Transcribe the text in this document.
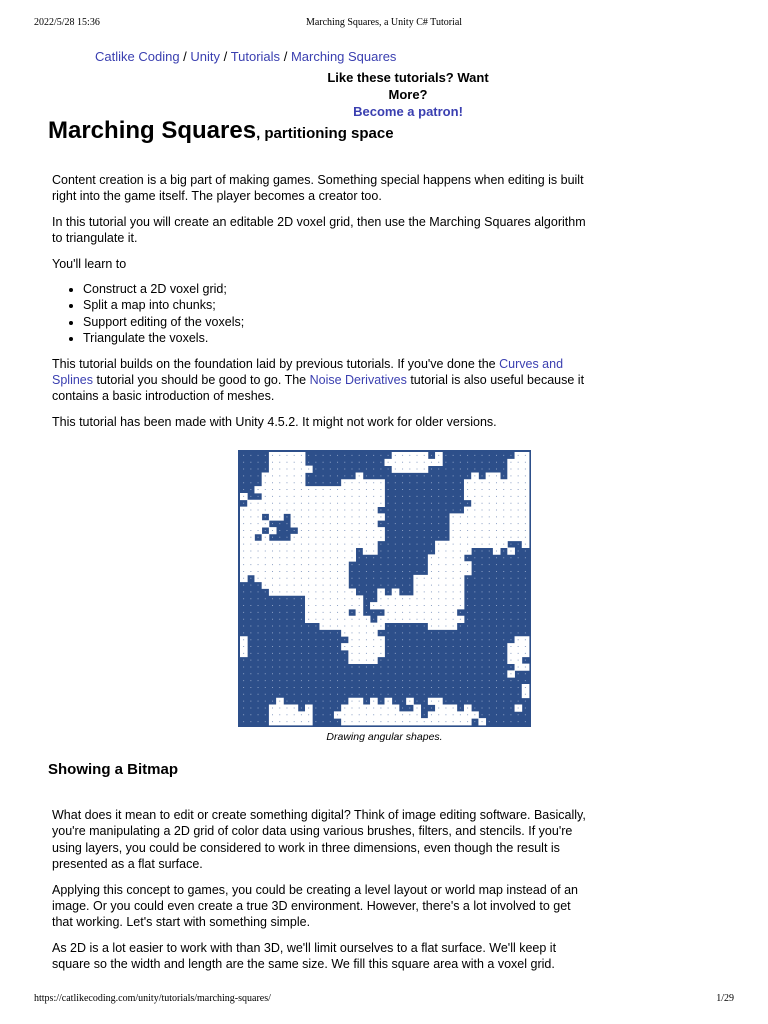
2022/5/28 15:36	Marching Squares, a Unity C# Tutorial
Catlike Coding / Unity / Tutorials / Marching Squares
Like these tutorials? Want More?
Become a patron!
Marching Squares, partitioning space

Content creation is a big part of making games. Something special happens when editing is built right into the game itself. The player becomes a creator too.

In this tutorial you will create an editable 2D voxel grid, then use the Marching Squares algorithm to triangulate it.

You'll learn to

• Construct a 2D voxel grid;
• Split a map into chunks;
• Support editing of the voxels;
• Triangulate the voxels.

This tutorial builds on the foundation laid by previous tutorials. If you've done the Curves and Splines tutorial you should be good to go. The Noise Derivatives tutorial is also useful because it contains a basic introduction of meshes.

This tutorial has been made with Unity 4.5.2. It might not work for older versions.

Drawing angular shapes.
Showing a Bitmap

What does it mean to edit or create something digital? Think of image editing software. Basically, you're manipulating a 2D grid of color data using various brushes, filters, and stencils. If you're using layers, you could be considered to work in three dimensions, even though the result is presented as a flat surface.

Applying this concept to games, you could be creating a level layout or world map instead of an image. Or you could even create a true 3D environment. However, there's a lot involved to get that working. Let's start with something simple.

As 2D is a lot easier to work with than 3D, we'll limit ourselves to a flat surface. We'll keep it square so the width and length are the same size. We fill this square area with a voxel grid.

https://catlikecoding.com/unity/tutorials/marching-squares/	1/29
